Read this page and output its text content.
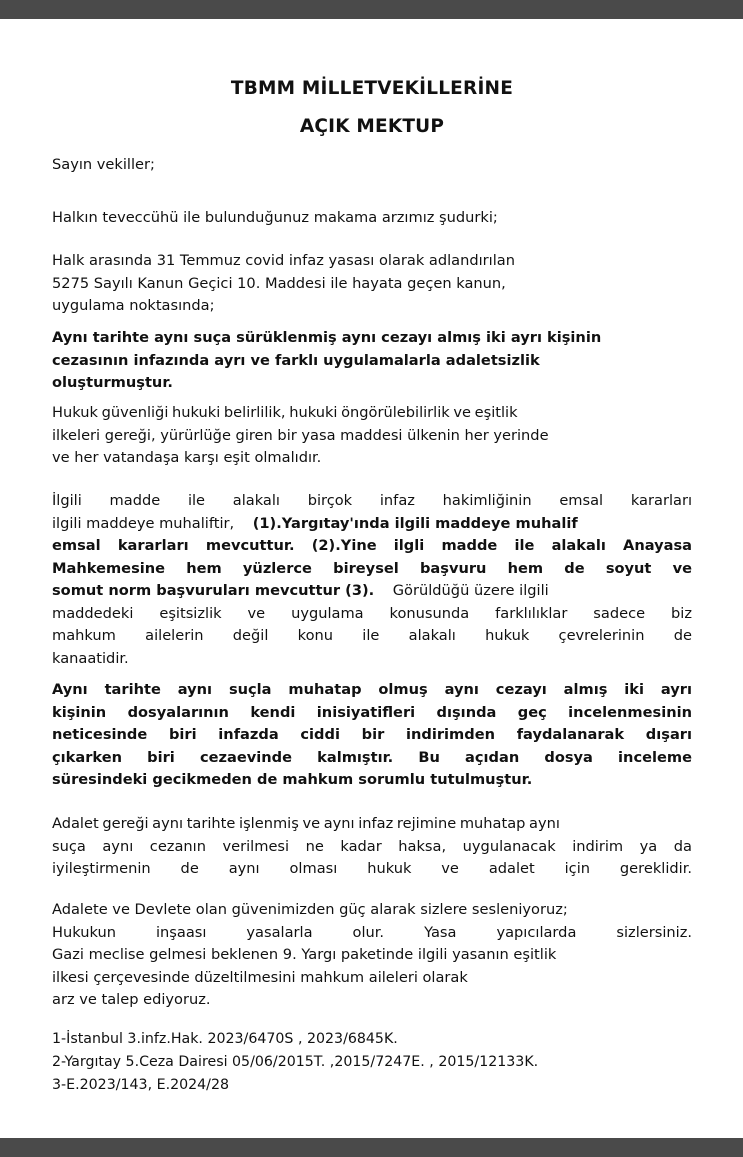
TBMM MİLLETVEKİLLERİNE
AÇIK MEKTUP
Sayın vekiller;
Halkın teveccühü ile bulunduğunuz makama arzımız şudurki;
Halk arasında 31 Temmuz covid infaz yasası olarak adlandırılan
5275 Sayılı Kanun Geçici 10. Maddesi ile hayata geçen kanun,
uygulama noktasında;
Aynı tarihte aynı suça sürüklenmiş aynı cezayı almış iki ayrı kişinin
cezasının infazında ayrı ve farklı uygulamalarla adaletsizlik
oluşturmuştur.
Hukuk güvenliği hukuki belirlilik, hukuki öngörülebilirlik ve eşitlik
ilkeleri gereği, yürürlüğe giren bir yasa maddesi ülkenin her yerinde
ve her vatandaşa karşı eşit olmalıdır.
İlgili madde ile alakalı birçok infaz hakimliğinin emsal kararları
ilgili maddeye muhaliftir, (1).Yargıtay'ında ilgili maddeye muhalif
emsal kararları mevcuttur. (2).Yine ilgli madde ile alakalı Anayasa
Mahkemesine hem yüzlerce bireysel başvuru hem de soyut ve
somut norm başvuruları mevcuttur (3). Görüldüğü üzere ilgili
maddedeki eşitsizlik ve uygulama konusunda farklılıklar sadece biz
mahkum ailelerin değil konu ile alakalı hukuk çevrelerinin de
kanaatidir.
Aynı tarihte aynı suçla muhatap olmuş aynı cezayı almış iki ayrı
kişinin dosyalarının kendi inisiyatifleri dışında geç incelenmesinin
neticesinde biri infazda ciddi bir indirimden faydalanarak dışarı
çıkarken biri cezaevinde kalmıştır. Bu açıdan dosya inceleme
süresindeki gecikmeden de mahkum sorumlu tutulmuştur.
Adalet gereği aynı tarihte işlenmiş ve aynı infaz rejimine muhatap aynı
suça aynı cezanın verilmesi ne kadar haksa, uygulanacak indirim ya da
iyileştirmenin de aynı olması hukuk ve adalet için gereklidir.
Adalete ve Devlete olan güvenimizden güç alarak sizlere sesleniyoruz;
Hukukun inşaası yasalarla olur. Yasa yapıcılarda sizlersiniz.
Gazi meclise gelmesi beklenen 9. Yargı paketinde ilgili yasanın eşitlik
ilkesi çerçevesinde düzeltilmesini mahkum aileleri olarak
arz ve talep ediyoruz.
1-İstanbul 3.infz.Hak. 2023/6470S , 2023/6845K.
2-Yargıtay 5.Ceza Dairesi 05/06/2015T. ,2015/7247E. , 2015/12133K.
3-E.2023/143, E.2024/28
